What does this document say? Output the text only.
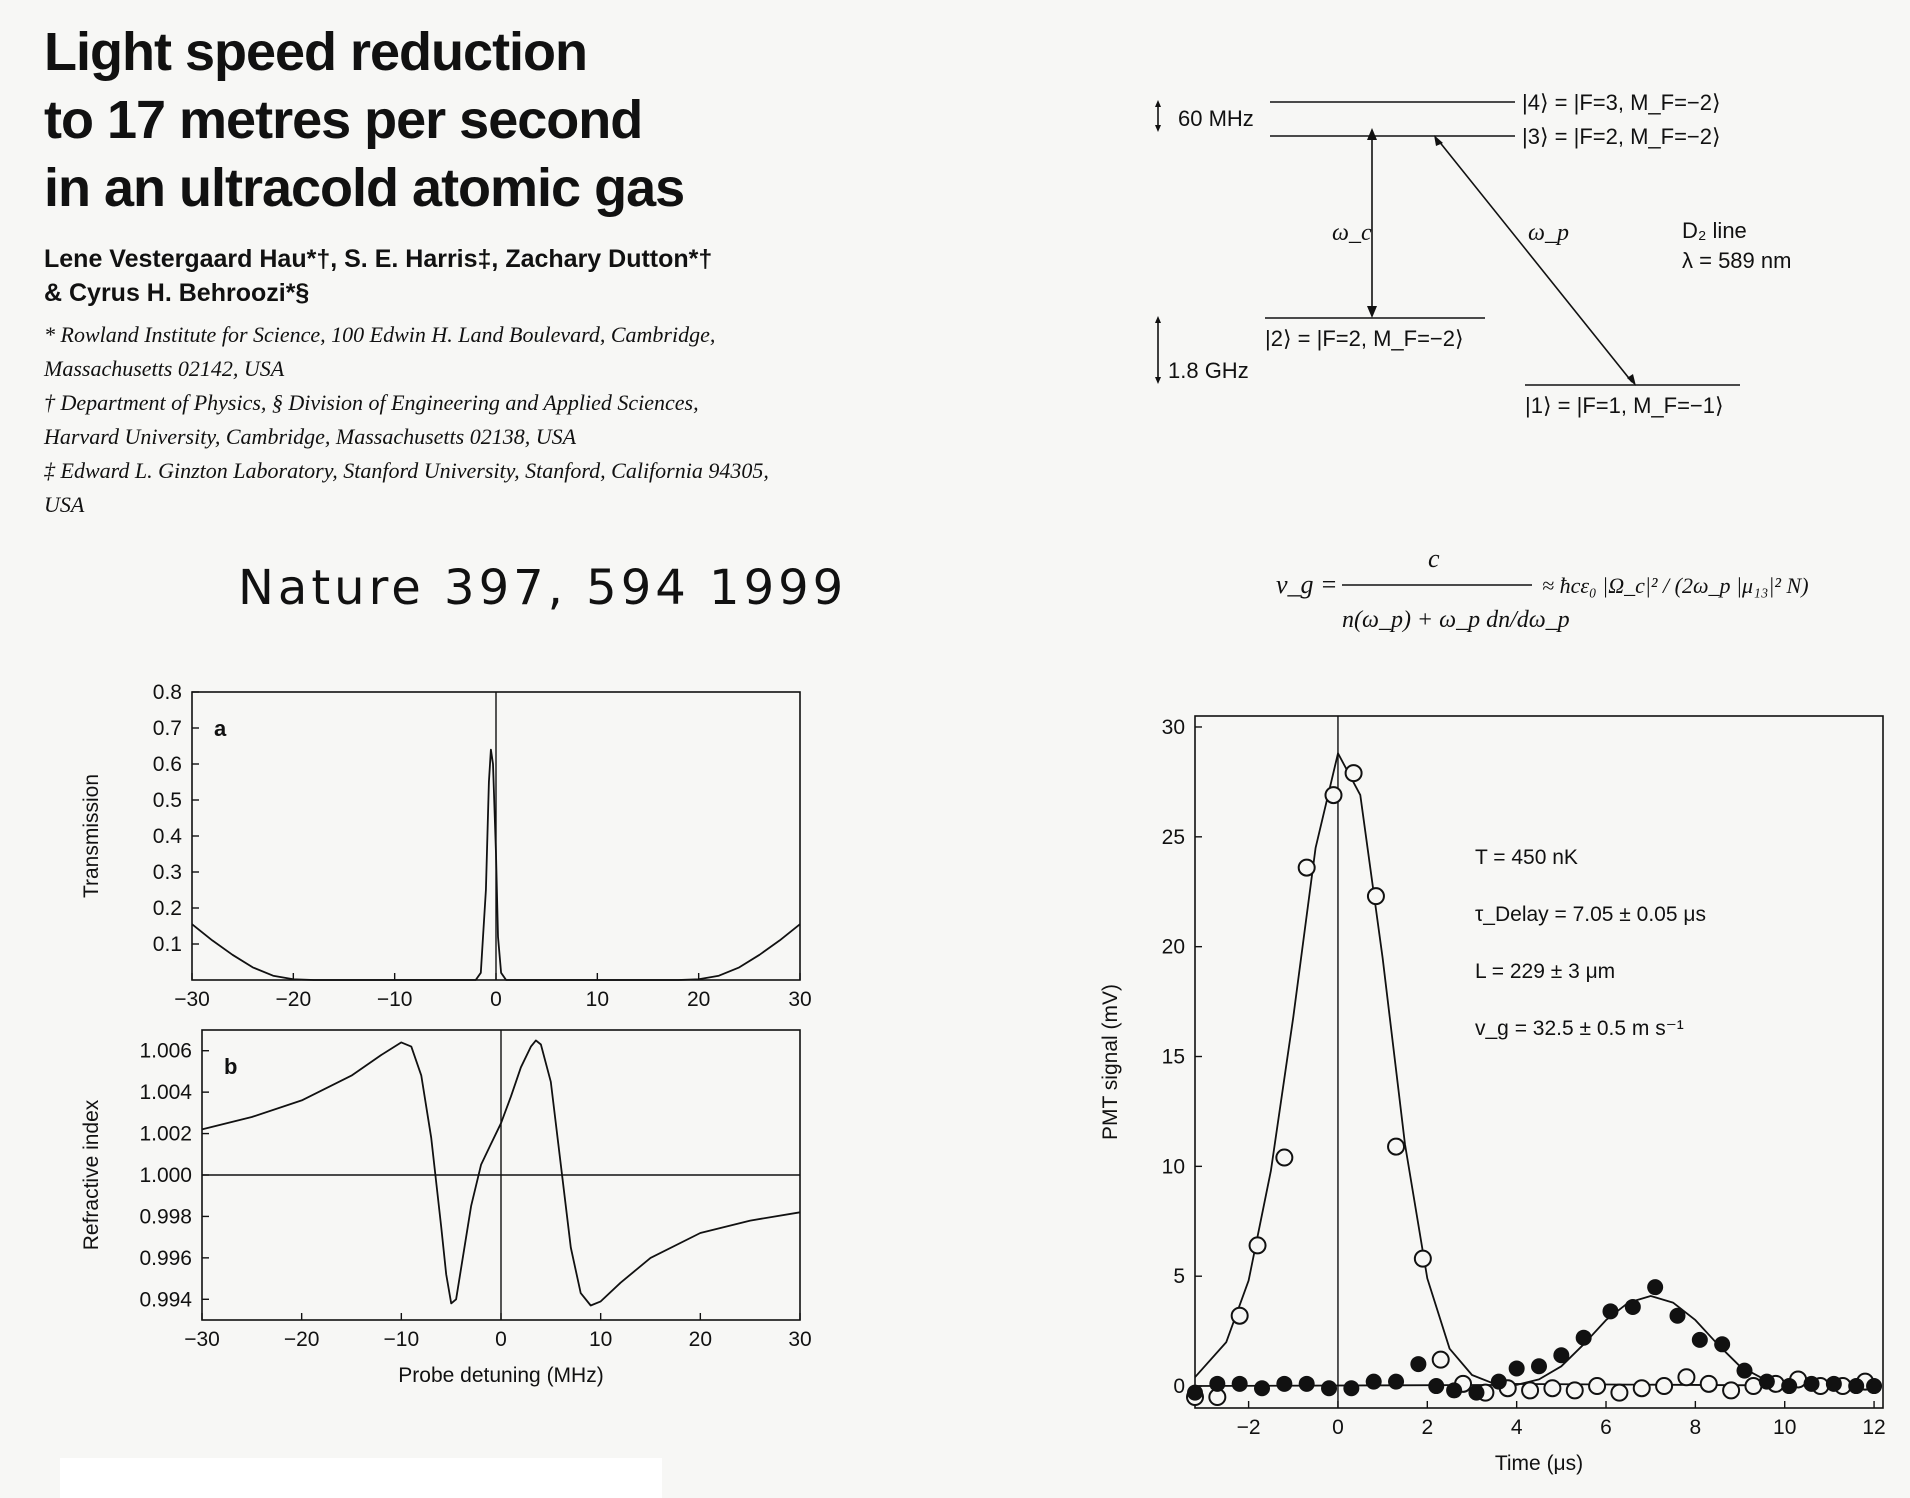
Light speed reduction
to 17 metres per second
in an ultracold atomic gas
Lene Vestergaard Hau*†, S. E. Harris‡, Zachary Dutton*†
& Cyrus H. Behroozi*§
* Rowland Institute for Science, 100 Edwin H. Land Boulevard, Cambridge,
Massachusetts 02142, USA
† Department of Physics, § Division of Engineering and Applied Sciences,
Harvard University, Cambridge, Massachusetts 02138, USA
‡ Edward L. Ginzton Laboratory, Stanford University, Stanford, California 94305,
USA
Nature 397, 594 1999
60 MHz
1.8 GHz
|4⟩ = |F=3, M_F=−2⟩
|3⟩ = |F=2, M_F=−2⟩
|2⟩ = |F=2, M_F=−2⟩
|1⟩ = |F=1, M_F=−1⟩
ω_c	ω_p	D₂ line
λ = 589 nm
v_g =
c
n(ω_p) + ω_p dn/dω_p
≈ ħcε₀ |Ω_c|² / (2ω_p |μ₁₃|² N)
−30	−20	−10	0	10	20	30
0.1
0.2
0.3
0.4
0.5
0.6
0.7
0.8
Transmission
a
−30	−20	−10	0	10	20	30
1.006
1.004
1.002
1.000
0.998
0.996
0.994
Refractive index
Probe detuning (MHz)
b
−2	0	2	4	6	8	10	12
0
5
10
15
20
25
30
PMT signal (mV)
Time (μs)
T = 450 nK
τ_Delay = 7.05 ± 0.05 μs
L = 229 ± 3 μm
v_g = 32.5 ± 0.5 m s⁻¹
